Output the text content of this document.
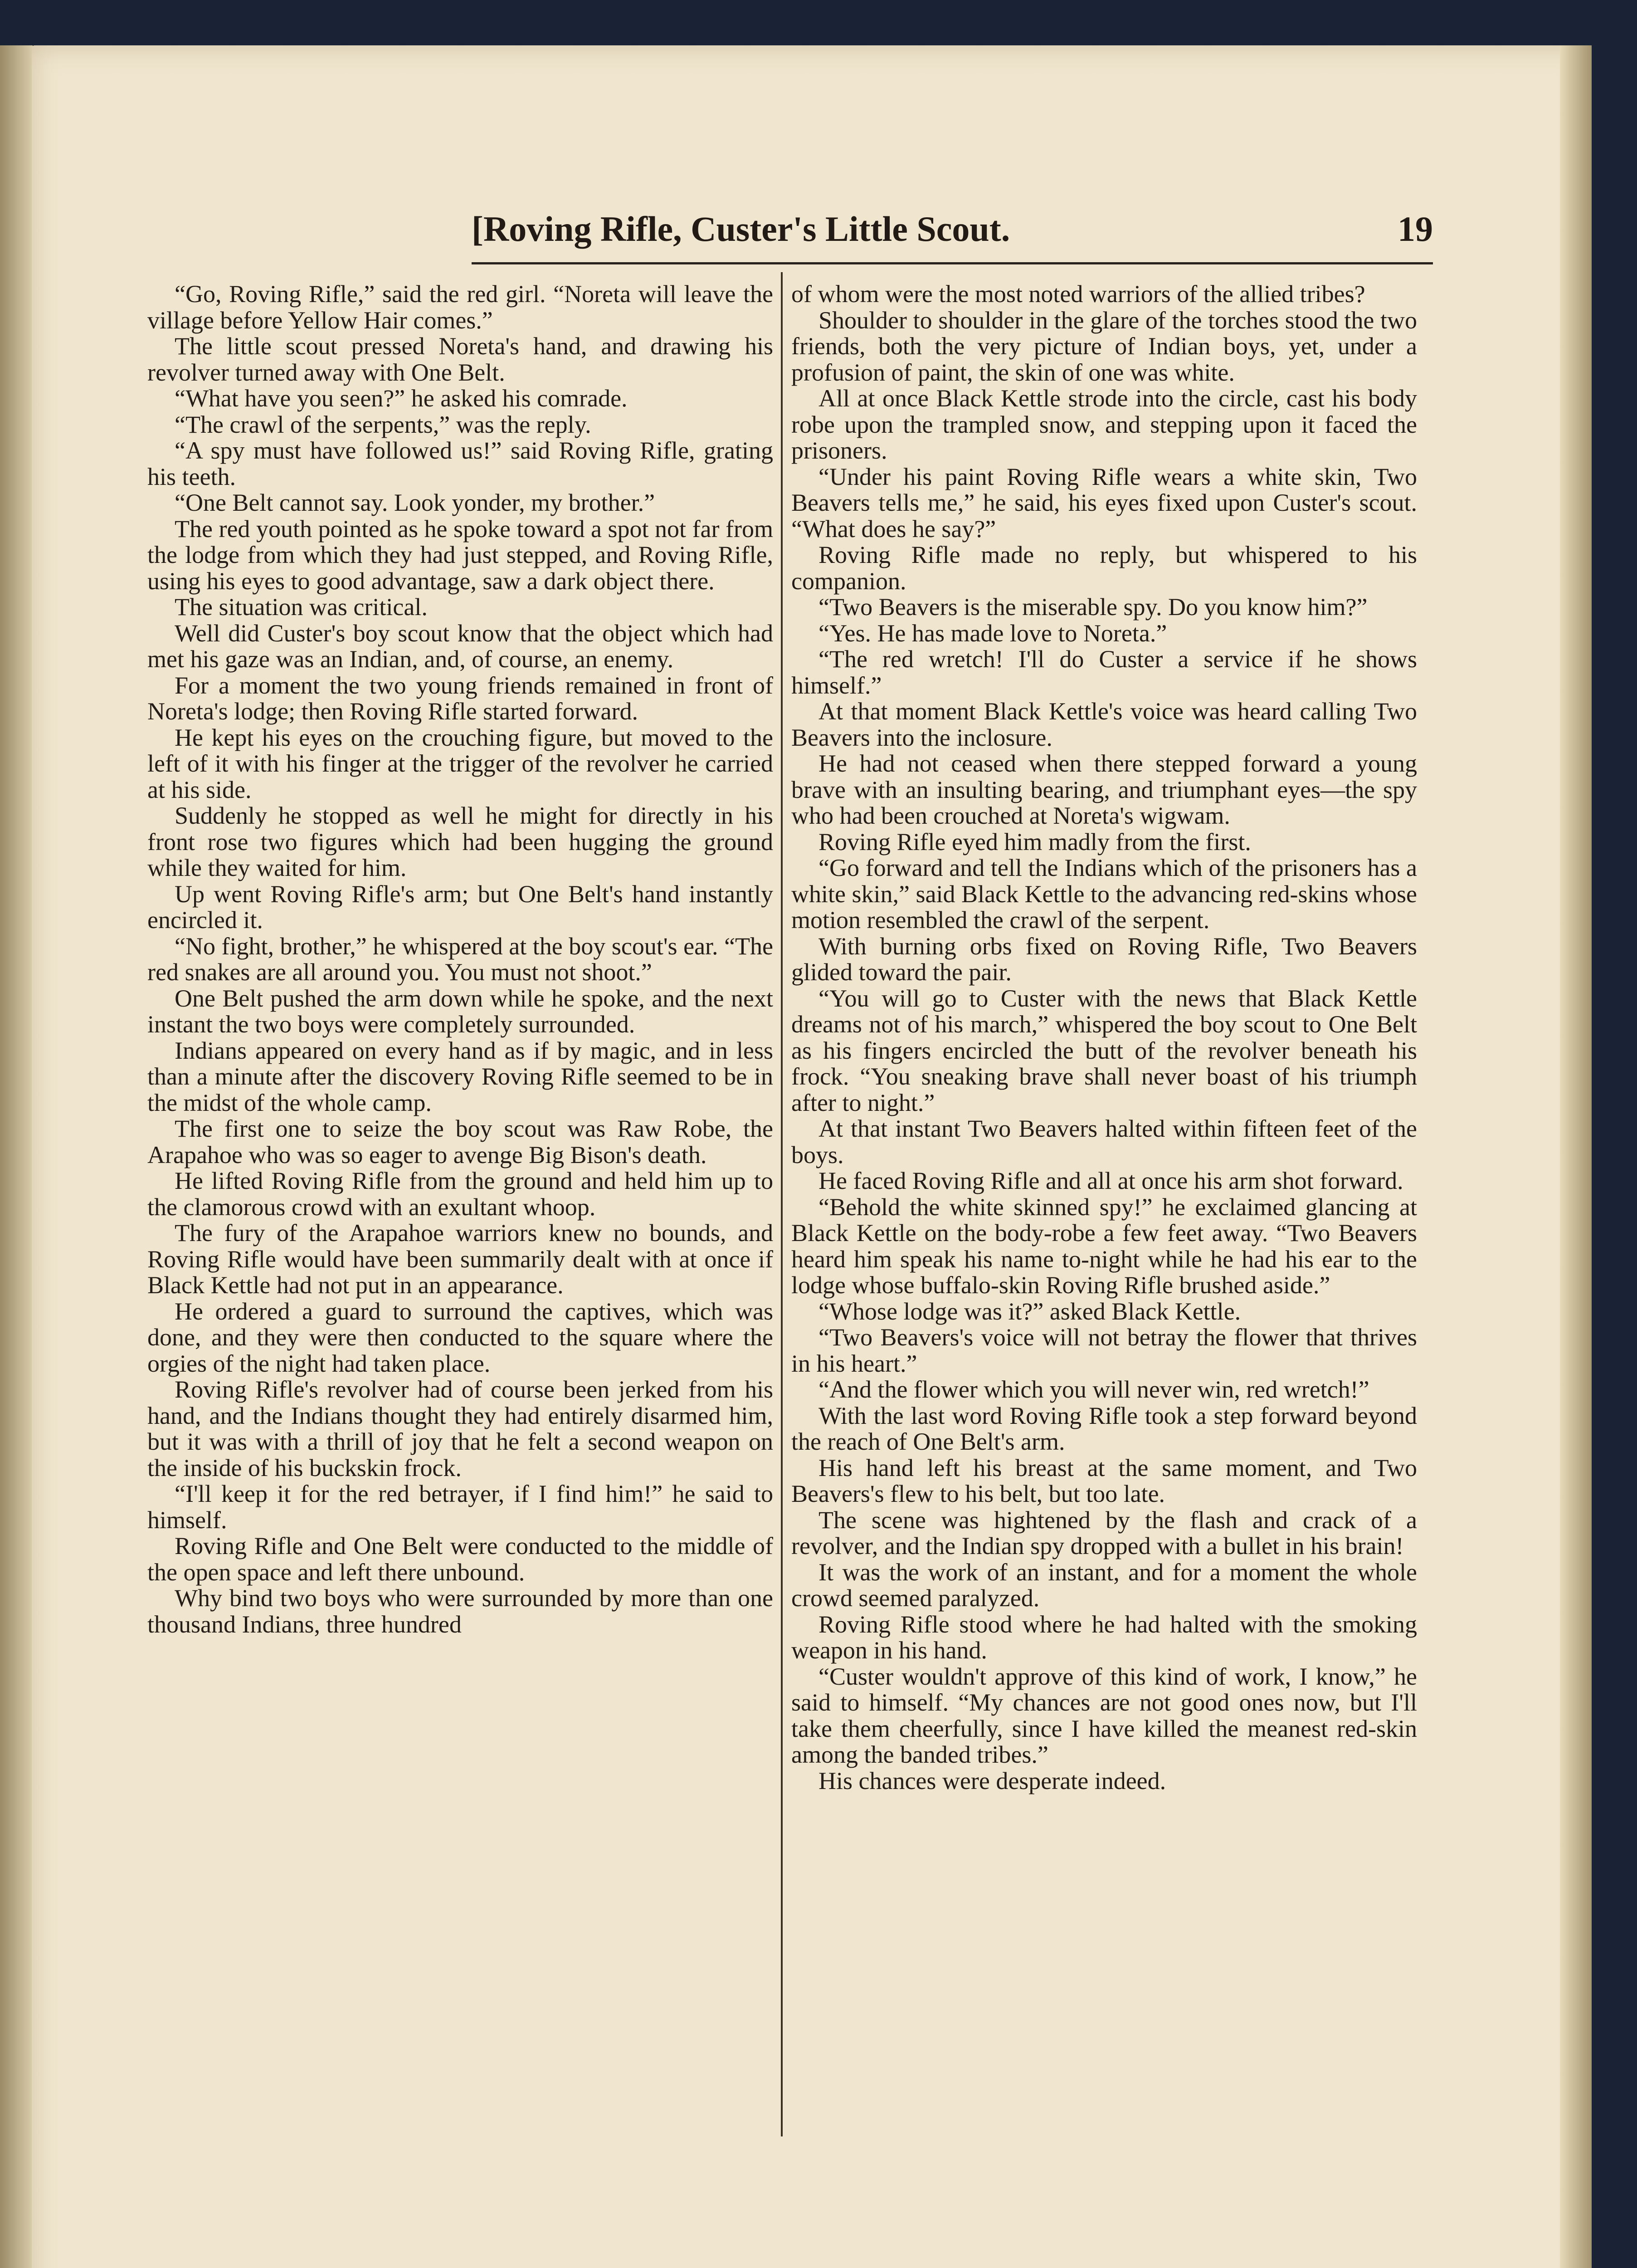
[Roving Rifle, Custer's Little Scout.	19

“Go, Roving Rifle,” said the red girl. “Noreta will leave the village before Yellow Hair comes.”

The little scout pressed Noreta's hand, and drawing his revolver turned away with One Belt.

“What have you seen?” he asked his comrade.

“The crawl of the serpents,” was the reply.

“A spy must have followed us!” said Roving Rifle, grating his teeth.

“One Belt cannot say. Look yonder, my brother.”

The red youth pointed as he spoke toward a spot not far from the lodge from which they had just stepped, and Roving Rifle, using his eyes to good advantage, saw a dark object there.

The situation was critical.

Well did Custer's boy scout know that the object which had met his gaze was an Indian, and, of course, an enemy.

For a moment the two young friends remained in front of Noreta's lodge; then Roving Rifle started forward.

He kept his eyes on the crouching figure, but moved to the left of it with his finger at the trigger of the revolver he carried at his side.

Suddenly he stopped as well he might for directly in his front rose two figures which had been hugging the ground while they waited for him.

Up went Roving Rifle's arm; but One Belt's hand instantly encircled it.

“No fight, brother,” he whispered at the boy scout's ear. “The red snakes are all around you. You must not shoot.”

One Belt pushed the arm down while he spoke, and the next instant the two boys were completely surrounded.

Indians appeared on every hand as if by magic, and in less than a minute after the discovery Roving Rifle seemed to be in the midst of the whole camp.

The first one to seize the boy scout was Raw Robe, the Arapahoe who was so eager to avenge Big Bison's death.

He lifted Roving Rifle from the ground and held him up to the clamorous crowd with an exultant whoop.

The fury of the Arapahoe warriors knew no bounds, and Roving Rifle would have been summarily dealt with at once if Black Kettle had not put in an appearance.

He ordered a guard to surround the captives, which was done, and they were then conducted to the square where the orgies of the night had taken place.

Roving Rifle's revolver had of course been jerked from his hand, and the Indians thought they had entirely disarmed him, but it was with a thrill of joy that he felt a second weapon on the inside of his buckskin frock.

“I'll keep it for the red betrayer, if I find him!” he said to himself.

Roving Rifle and One Belt were conducted to the middle of the open space and left there unbound.

Why bind two boys who were surrounded by more than one thousand Indians, three hundred

of whom were the most noted warriors of the allied tribes?

Shoulder to shoulder in the glare of the torches stood the two friends, both the very picture of Indian boys, yet, under a profusion of paint, the skin of one was white.

All at once Black Kettle strode into the circle, cast his body robe upon the trampled snow, and stepping upon it faced the prisoners.

“Under his paint Roving Rifle wears a white skin, Two Beavers tells me,” he said, his eyes fixed upon Custer's scout. “What does he say?”

Roving Rifle made no reply, but whispered to his companion.

“Two Beavers is the miserable spy. Do you know him?”

“Yes. He has made love to Noreta.”

“The red wretch! I'll do Custer a service if he shows himself.”

At that moment Black Kettle's voice was heard calling Two Beavers into the inclosure.

He had not ceased when there stepped forward a young brave with an insulting bearing, and triumphant eyes—the spy who had been crouched at Noreta's wigwam.

Roving Rifle eyed him madly from the first.

“Go forward and tell the Indians which of the prisoners has a white skin,” said Black Kettle to the advancing red-skins whose motion resembled the crawl of the serpent.

With burning orbs fixed on Roving Rifle, Two Beavers glided toward the pair.

“You will go to Custer with the news that Black Kettle dreams not of his march,” whispered the boy scout to One Belt as his fingers encircled the butt of the revolver beneath his frock. “You sneaking brave shall never boast of his triumph after to night.”

At that instant Two Beavers halted within fifteen feet of the boys.

He faced Roving Rifle and all at once his arm shot forward.

“Behold the white skinned spy!” he exclaimed glancing at Black Kettle on the body-robe a few feet away. “Two Beavers heard him speak his name to-night while he had his ear to the lodge whose buffalo-skin Roving Rifle brushed aside.”

“Whose lodge was it?” asked Black Kettle.

“Two Beavers's voice will not betray the flower that thrives in his heart.”

“And the flower which you will never win, red wretch!”

With the last word Roving Rifle took a step forward beyond the reach of One Belt's arm.

His hand left his breast at the same moment, and Two Beavers's flew to his belt, but too late.

The scene was hightened by the flash and crack of a revolver, and the Indian spy dropped with a bullet in his brain!

It was the work of an instant, and for a moment the whole crowd seemed paralyzed.

Roving Rifle stood where he had halted with the smoking weapon in his hand.

“Custer wouldn't approve of this kind of work, I know,” he said to himself. “My chances are not good ones now, but I'll take them cheerfully, since I have killed the meanest red-skin among the banded tribes.”

His chances were desperate indeed.
